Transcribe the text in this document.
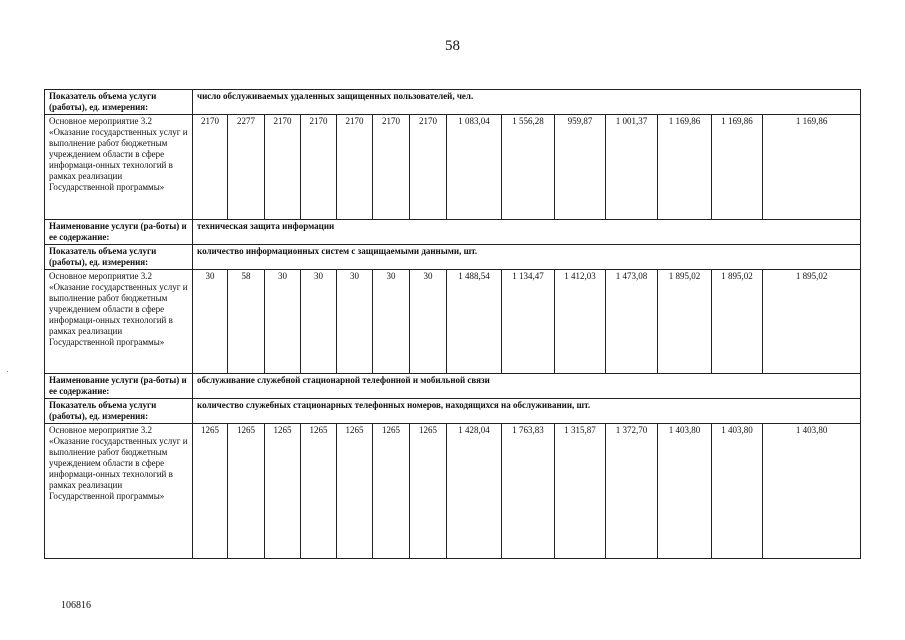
58
Показатель объема услуги (работы), ед. измерения:	число обслуживаемых удаленных защищенных пользователей, чел.													
Основное мероприятие 3.2 «Оказание государственных услуг и выполнение работ бюджетным учреждением области в сфере информаци-онных технологий в рамках реализации Государственной программы»	2170	2277	2170	2170	2170	2170	2170	1 083,04	1 556,28	959,87	1 001,37	1 169,86	1 169,86	1 169,86
Наименование услуги (ра-боты) и ее содержание:	техническая защита информации													
Показатель объема услуги (работы), ед. измерения:	количество информационных систем с защищаемыми данными, шт.													
Основное мероприятие 3.2 «Оказание государственных услуг и выполнение работ бюджетным учреждением области в сфере информаци-онных технологий в рамках реализации Государственной программы»	30	58	30	30	30	30	30	1 488,54	1 134,47	1 412,03	1 473,08	1 895,02	1 895,02	1 895,02
Наименование услуги (ра-боты) и ее содержание:	обслуживание служебной стационарной телефонной и мобильной связи													
Показатель объема услуги (работы), ед. измерения:	количество служебных стационарных телефонных номеров, находящихся на обслуживании, шт.													
Основное мероприятие 3.2 «Оказание государственных услуг и выполнение работ бюджетным учреждением области в сфере информаци-онных технологий в рамках реализации Государственной программы»	1265	1265	1265	1265	1265	1265	1265	1 428,04	1 763,83	1 315,87	1 372,70	1 403,80	1 403,80	1 403,80
106816
